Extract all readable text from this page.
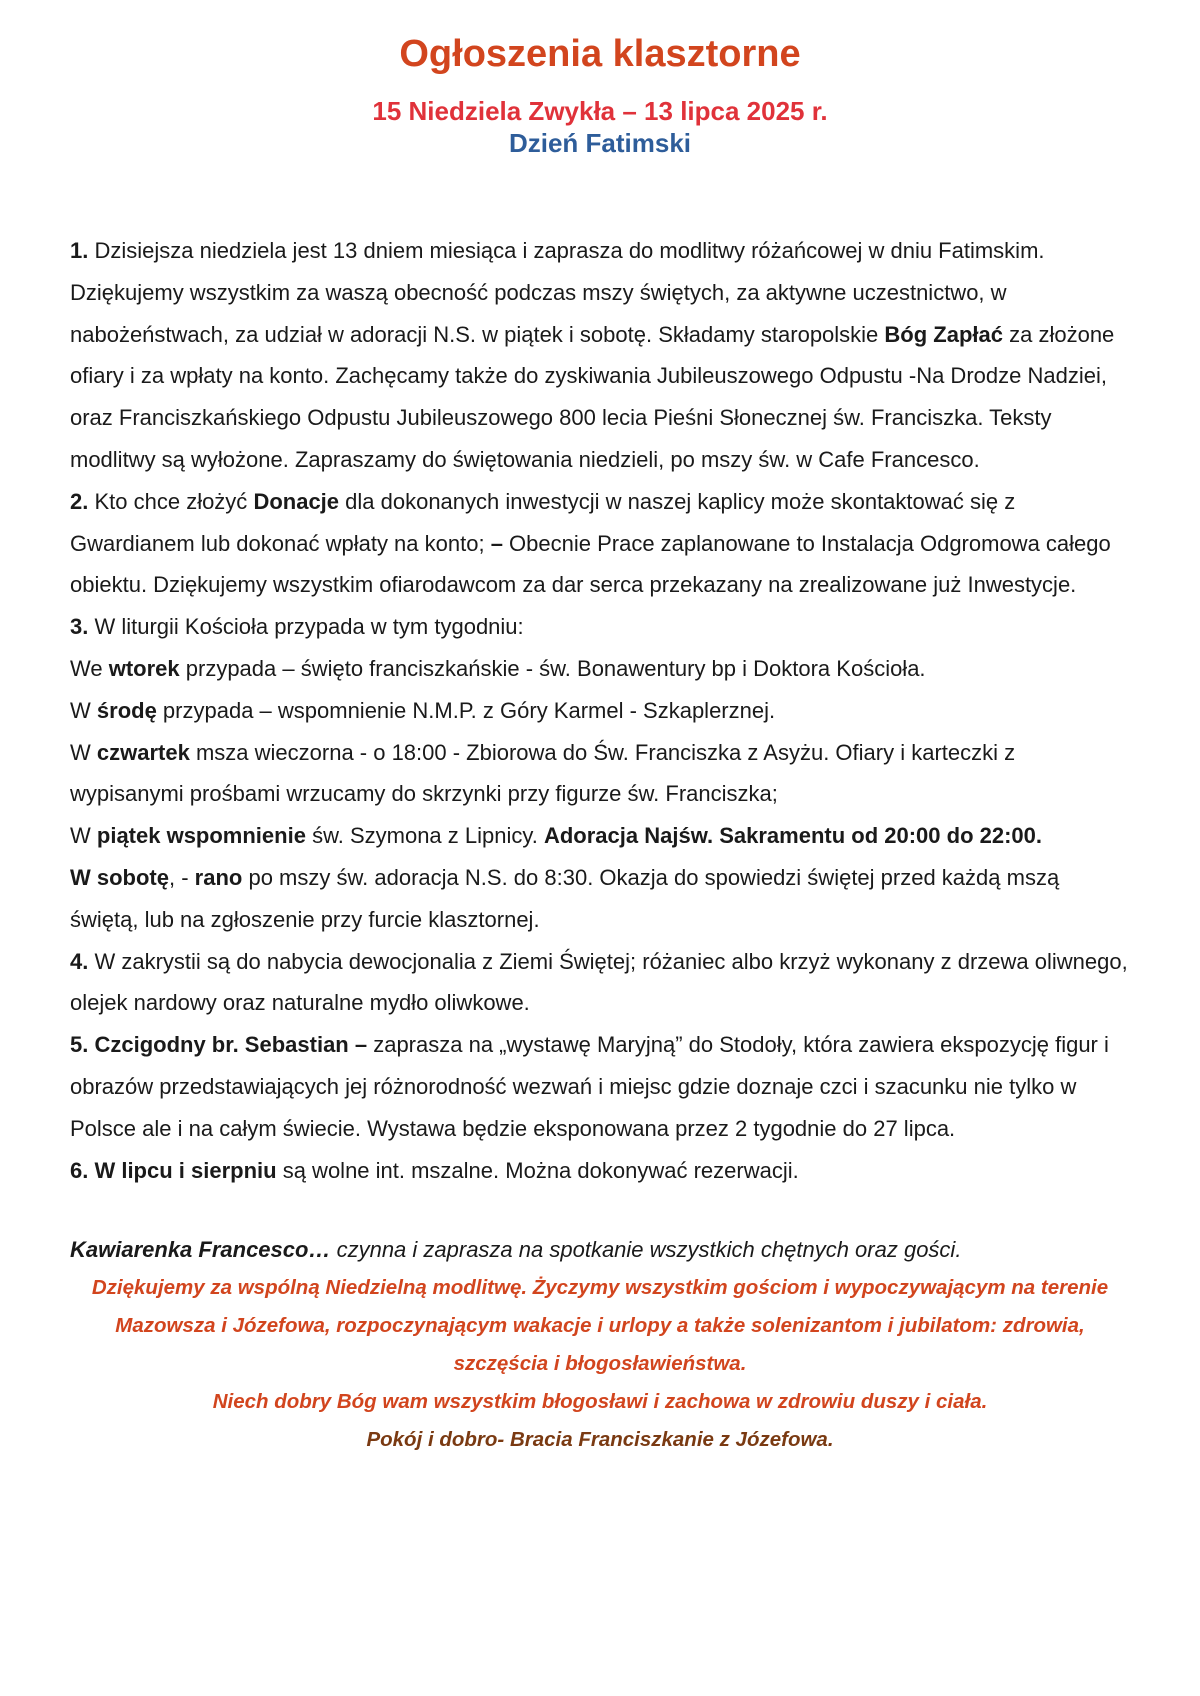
Ogłoszenia klasztorne
15 Niedziela Zwykła – 13 lipca 2025 r.
Dzień Fatimski

1. Dzisiejsza niedziela jest 13 dniem miesiąca i zaprasza do modlitwy różańcowej w dniu Fatimskim. Dziękujemy wszystkim za waszą obecność podczas mszy świętych, za aktywne uczestnictwo, w nabożeństwach, za udział w adoracji N.S. w piątek i sobotę. Składamy staropolskie Bóg Zapłać za złożone ofiary i za wpłaty na konto. Zachęcamy także do zyskiwania Jubileuszowego Odpustu -Na Drodze Nadziei, oraz Franciszkańskiego Odpustu Jubileuszowego 800 lecia Pieśni Słonecznej św. Franciszka. Teksty modlitwy są wyłożone. Zapraszamy do świętowania niedzieli, po mszy św. w Cafe Francesco.

2. Kto chce złożyć Donacje dla dokonanych inwestycji w naszej kaplicy może skontaktować się z Gwardianem lub dokonać wpłaty na konto; – Obecnie Prace zaplanowane to Instalacja Odgromowa całego obiektu. Dziękujemy wszystkim ofiarodawcom za dar serca przekazany na zrealizowane już Inwestycje.

3. W liturgii Kościoła przypada w tym tygodniu:

We wtorek przypada – święto franciszkańskie - św. Bonawentury bp i Doktora Kościoła.

W środę przypada – wspomnienie N.M.P. z Góry Karmel - Szkaplerznej.

W czwartek msza wieczorna - o 18:00 - Zbiorowa do Św. Franciszka z Asyżu. Ofiary i karteczki z wypisanymi prośbami wrzucamy do skrzynki przy figurze św. Franciszka;

W piątek wspomnienie św. Szymona z Lipnicy. Adoracja Najśw. Sakramentu od 20:00 do 22:00.

W sobotę, - rano po mszy św. adoracja N.S. do 8:30. Okazja do spowiedzi świętej przed każdą mszą świętą, lub na zgłoszenie przy furcie klasztornej.

4. W zakrystii są do nabycia dewocjonalia z Ziemi Świętej; różaniec albo krzyż wykonany z drzewa oliwnego, olejek nardowy oraz naturalne mydło oliwkowe.

5. Czcigodny br. Sebastian – zaprasza na „wystawę Maryjną” do Stodoły, która zawiera ekspozycję figur i obrazów przedstawiających jej różnorodność wezwań i miejsc gdzie doznaje czci i szacunku nie tylko w Polsce ale i na całym świecie. Wystawa będzie eksponowana przez 2 tygodnie do 27 lipca.

6. W lipcu i sierpniu są wolne int. mszalne. Można dokonywać rezerwacji.

Kawiarenka Francesco… czynna i zaprasza na spotkanie wszystkich chętnych oraz gości.

Dziękujemy za wspólną Niedzielną modlitwę. Życzymy wszystkim gościom i wypoczywającym na terenie Mazowsza i Józefowa, rozpoczynającym wakacje i urlopy a także solenizantom i jubilatom: zdrowia, szczęścia i błogosławieństwa.

Niech dobry Bóg wam wszystkim błogosławi i zachowa w zdrowiu duszy i ciała.

Pokój i dobro- Bracia Franciszkanie z Józefowa.
